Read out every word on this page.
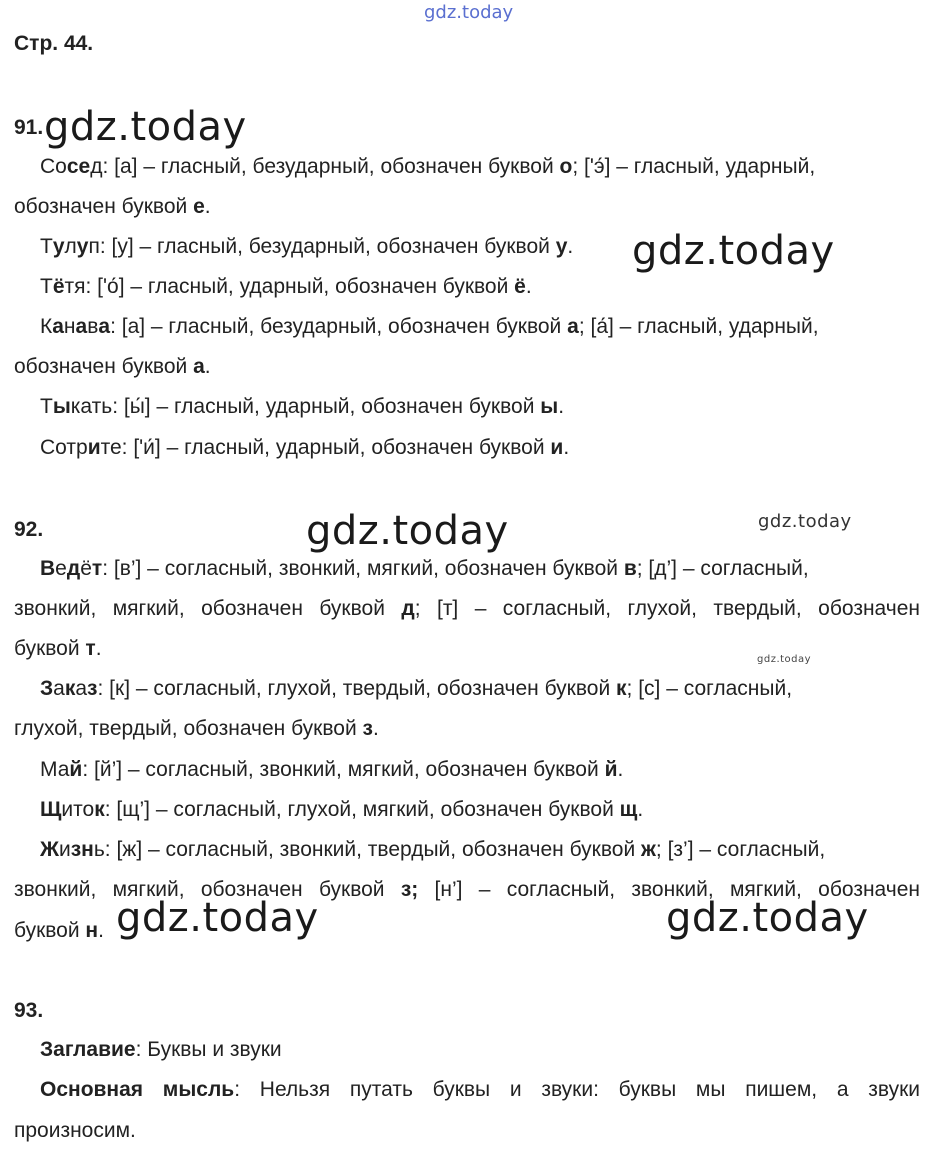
gdz.today
Стр. 44.
91. gdz.today
Сосед: [а] – гласный, безударный, обозначен буквой о; [ʹэ́] – гласный, ударный,
обозначен буквой е.
Тулуп: [у] – гласный, безударный, обозначен буквой у.	gdz.today
Тётя: [ʹо́] – гласный, ударный, обозначен буквой ё.
Канава: [а] – гласный, безударный, обозначен буквой а; [а́] – гласный, ударный,
обозначен буквой а.
Тыкать: [ы́] – гласный, ударный, обозначен буквой ы.
Сотрите: [ʹи́] – гласный, ударный, обозначен буквой и.
92.	gdz.today	gdz.today
Ведёт: [в’] – согласный, звонкий, мягкий, обозначен буквой в; [д’] – согласный,
звонкий, мягкий, обозначен буквой д; [т] – согласный, глухой, твердый, обозначен
буквой т.	gdz.today
Заказ: [к] – согласный, глухой, твердый, обозначен буквой к; [с] – согласный,
глухой, твердый, обозначен буквой з.
Май: [й’] – согласный, звонкий, мягкий, обозначен буквой й.
Щиток: [щ’] – согласный, глухой, мягкий, обозначен буквой щ.
Жизнь: [ж] – согласный, звонкий, твердый, обозначен буквой ж; [з’] – согласный,
звонкий, мягкий, обозначен буквой з; [н’] – согласный, звонкий, мягкий, обозначен
буквой н. gdz.today	gdz.today
93.
Заглавие: Буквы и звуки
Основная мысль: Нельзя путать буквы и звуки: буквы мы пишем, а звуки
произносим.
